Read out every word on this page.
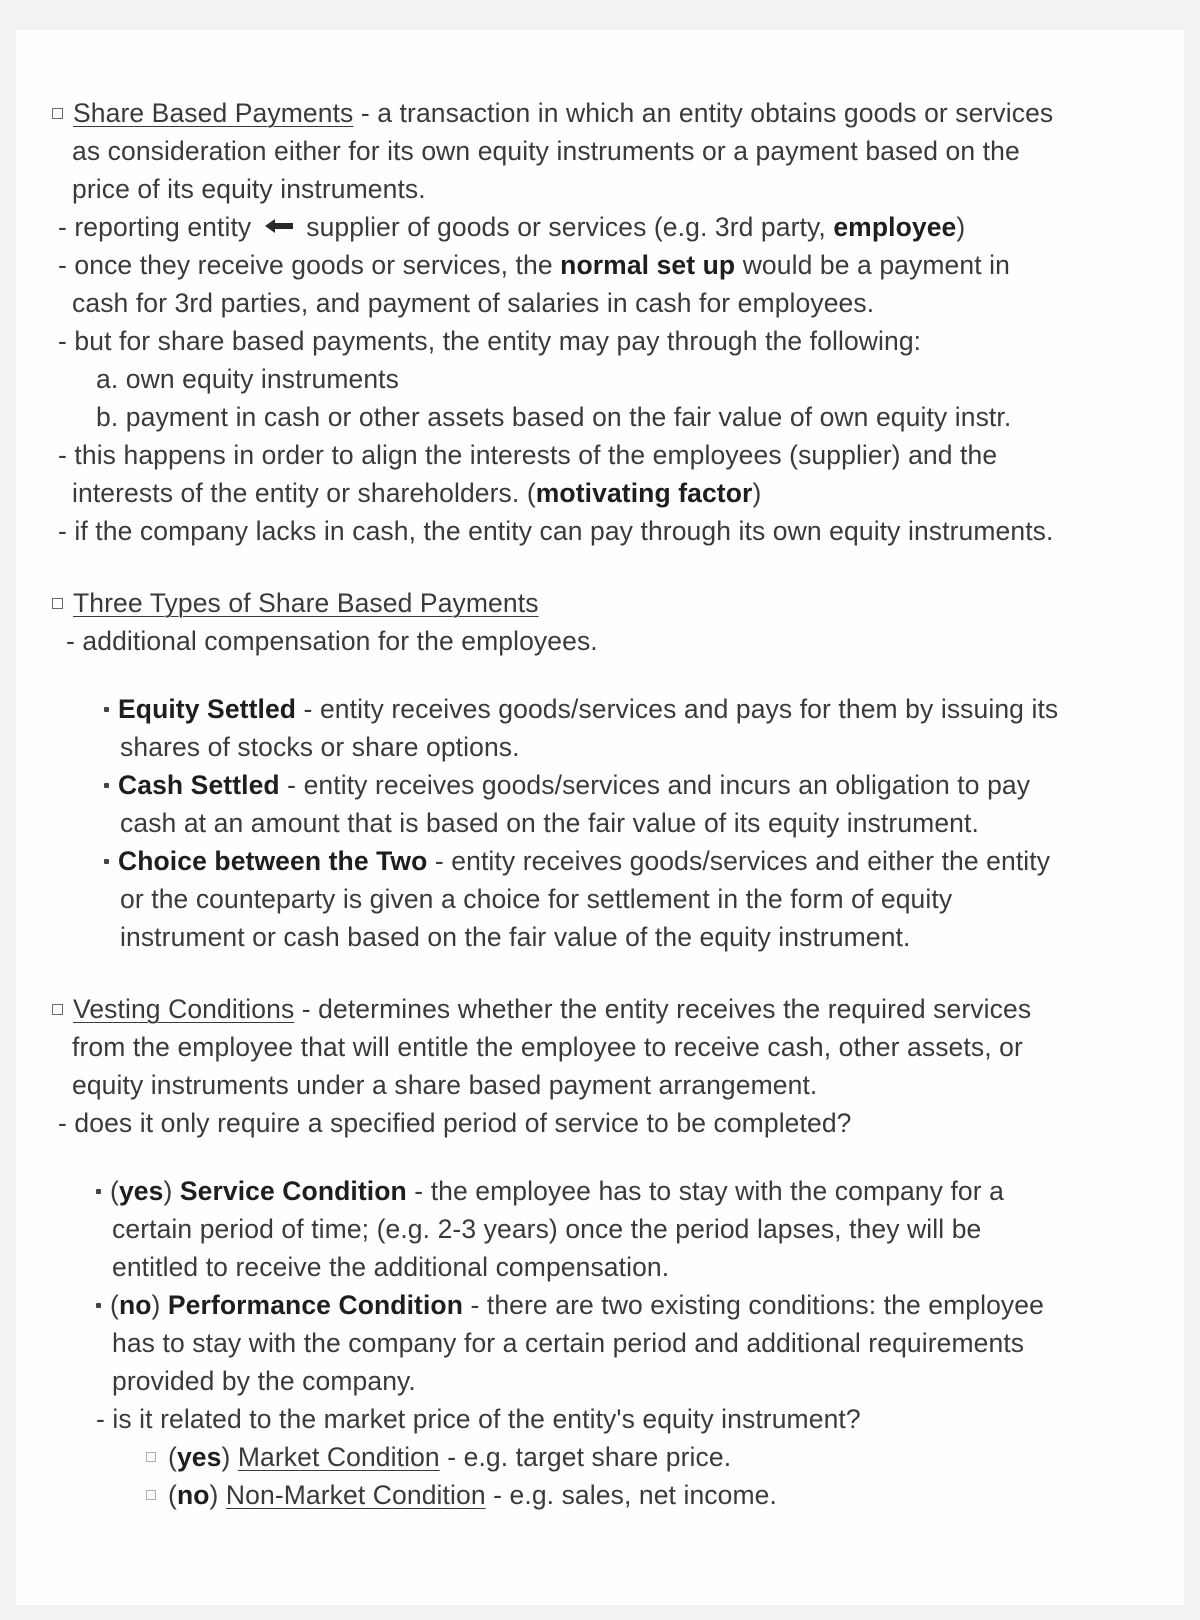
Share Based Payments - a transaction in which an entity obtains goods or services
as consideration either for its own equity instruments or a payment based on the
price of its equity instruments.
- reporting entity  supplier of goods or services (e.g. 3rd party, employee)
- once they receive goods or services, the normal set up would be a payment in
cash for 3rd parties, and payment of salaries in cash for employees.
- but for share based payments, the entity may pay through the following:
a. own equity instruments
b. payment in cash or other assets based on the fair value of own equity instr.
- this happens in order to align the interests of the employees (supplier) and the
interests of the entity or shareholders. (motivating factor)
- if the company lacks in cash, the entity can pay through its own equity instruments.
Three Types of Share Based Payments
- additional compensation for the employees.
Equity Settled - entity receives goods/services and pays for them by issuing its
shares of stocks or share options.
Cash Settled - entity receives goods/services and incurs an obligation to pay
cash at an amount that is based on the fair value of its equity instrument.
Choice between the Two - entity receives goods/services and either the entity
or the counteparty is given a choice for settlement in the form of equity
instrument or cash based on the fair value of the equity instrument.
Vesting Conditions - determines whether the entity receives the required services
from the employee that will entitle the employee to receive cash, other assets, or
equity instruments under a share based payment arrangement.
- does it only require a specified period of service to be completed?
(yes) Service Condition - the employee has to stay with the company for a
certain period of time; (e.g. 2-3 years) once the period lapses, they will be
entitled to receive the additional compensation.
(no) Performance Condition - there are two existing conditions: the employee
has to stay with the company for a certain period and additional requirements
provided by the company.
- is it related to the market price of the entity's equity instrument?
(yes) Market Condition - e.g. target share price.
(no) Non-Market Condition - e.g. sales, net income.
